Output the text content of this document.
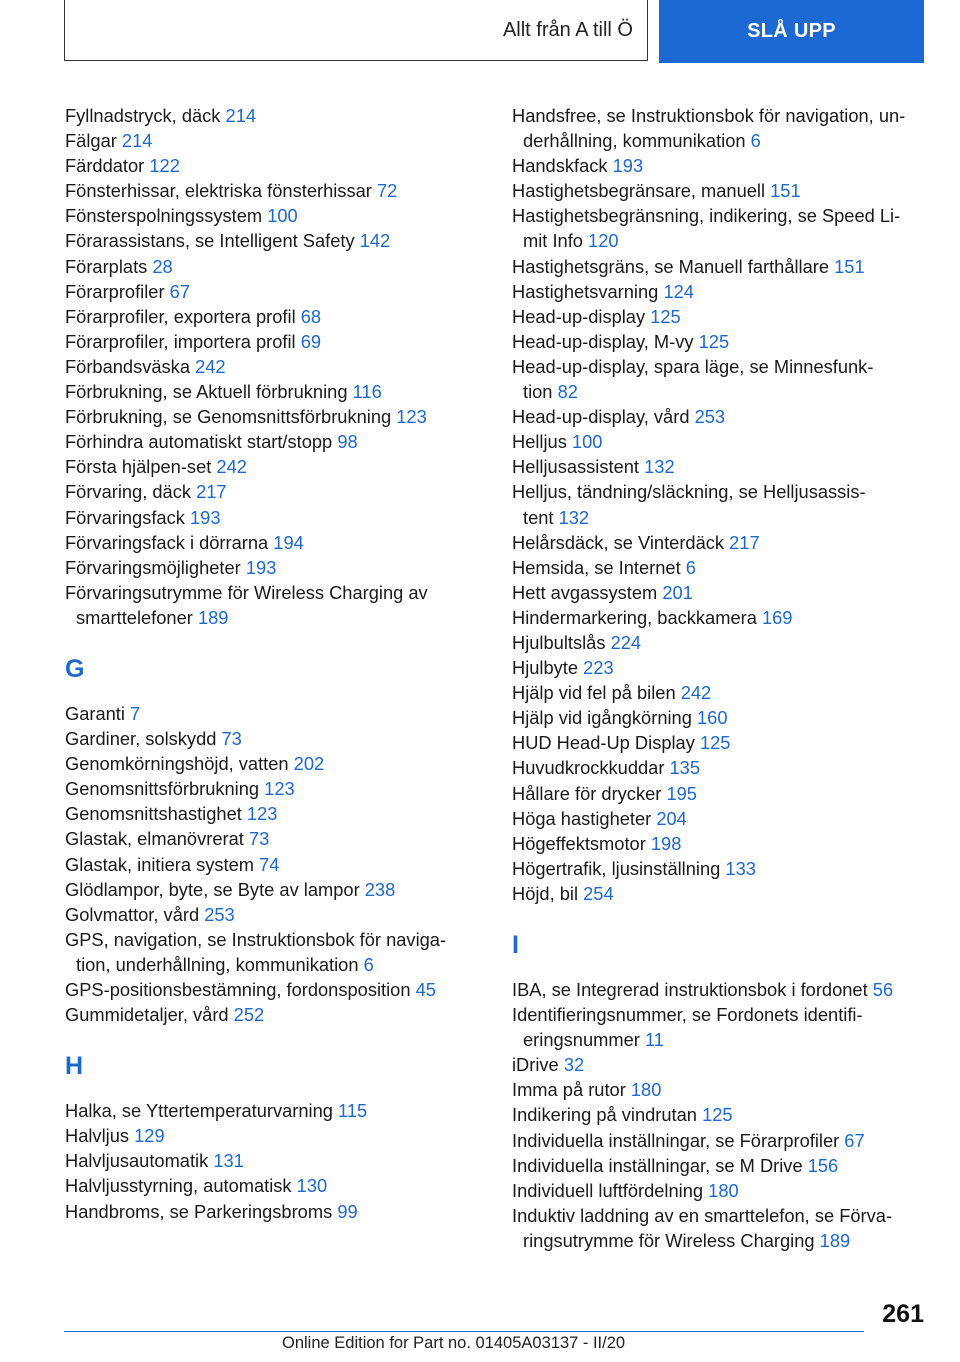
Allt från A till Ö	SLÅ UPP
Fyllnadstryck, däck 214
Fälgar 214
Färddator 122
Fönsterhissar, elektriska fönsterhissar 72
Fönsterspolningssystem 100
Förarassistans, se Intelligent Safety 142
Förarplats 28
Förarprofiler 67
Förarprofiler, exportera profil 68
Förarprofiler, importera profil 69
Förbandsväska 242
Förbrukning, se Aktuell förbrukning 116
Förbrukning, se Genomsnittsförbrukning 123
Förhindra automatiskt start/stopp 98
Första hjälpen-set 242
Förvaring, däck 217
Förvaringsfack 193
Förvaringsfack i dörrarna 194
Förvaringsmöjligheter 193
Förvaringsutrymme för Wireless Charging av
smarttelefoner 189
G
Garanti 7
Gardiner, solskydd 73
Genomkörningshöjd, vatten 202
Genomsnittsförbrukning 123
Genomsnittshastighet 123
Glastak, elmanövrerat 73
Glastak, initiera system 74
Glödlampor, byte, se Byte av lampor 238
Golvmattor, vård 253
GPS, navigation, se Instruktionsbok för naviga-
tion, underhållning, kommunikation 6
GPS-positionsbestämning, fordonsposition 45
Gummidetaljer, vård 252
H
Halka, se Yttertemperaturvarning 115
Halvljus 129
Halvljusautomatik 131
Halvljusstyrning, automatisk 130
Handbroms, se Parkeringsbroms 99
Handsfree, se Instruktionsbok för navigation, un-
derhållning, kommunikation 6
Handskfack 193
Hastighetsbegränsare, manuell 151
Hastighetsbegränsning, indikering, se Speed Li-
mit Info 120
Hastighetsgräns, se Manuell farthållare 151
Hastighetsvarning 124
Head-up-display 125
Head-up-display, M-vy 125
Head-up-display, spara läge, se Minnesfunk-
tion 82
Head-up-display, vård 253
Helljus 100
Helljusassistent 132
Helljus, tändning/släckning, se Helljusassis-
tent 132
Helårsdäck, se Vinterdäck 217
Hemsida, se Internet 6
Hett avgassystem 201
Hindermarkering, backkamera 169
Hjulbultslås 224
Hjulbyte 223
Hjälp vid fel på bilen 242
Hjälp vid igångkörning 160
HUD Head-Up Display 125
Huvudkrockkuddar 135
Hållare för drycker 195
Höga hastigheter 204
Högeffektsmotor 198
Högertrafik, ljusinställning 133
Höjd, bil 254
I
IBA, se Integrerad instruktionsbok i fordonet 56
Identifieringsnummer, se Fordonets identifi-
eringsnummer 11
iDrive 32
Imma på rutor 180
Indikering på vindrutan 125
Individuella inställningar, se Förarprofiler 67
Individuella inställningar, se M Drive 156
Individuell luftfördelning 180
Induktiv laddning av en smarttelefon, se Förva-
ringsutrymme för Wireless Charging 189
261
Online Edition for Part no. 01405A03137 - II/20
